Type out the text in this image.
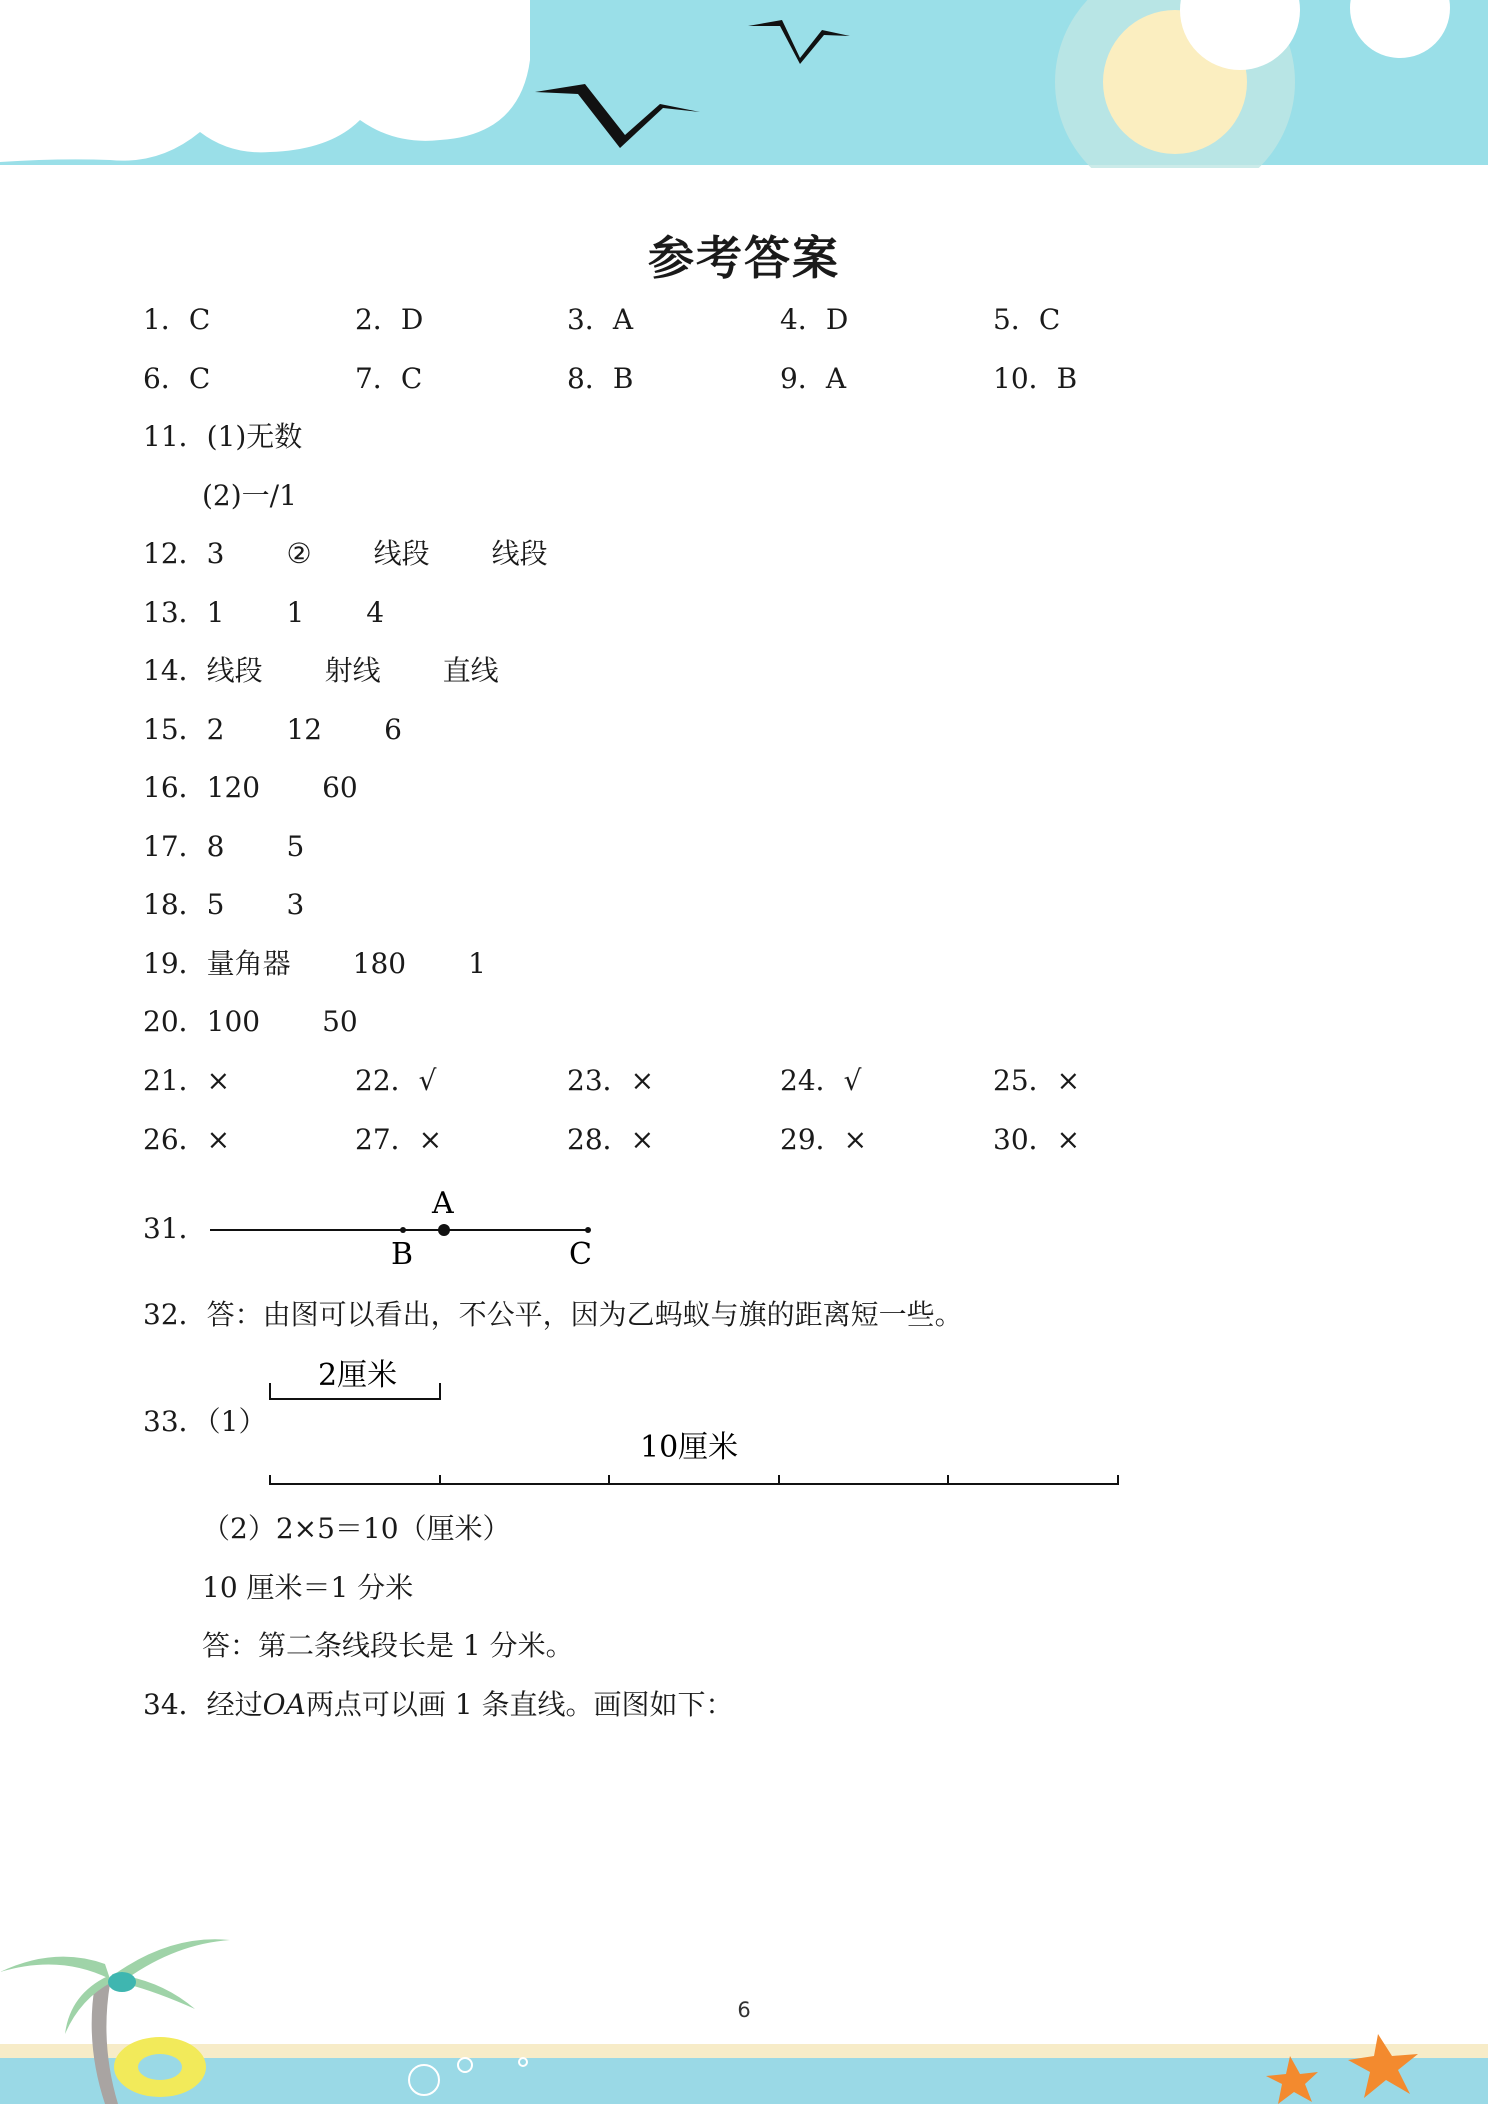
参考答案
1．C	2．D	3．A	4．D	5．C
6．C	7．C	8．B	9．A	10．B
11．(1)无数
(2)一/1
12．3 ② 线段 线段
13．1 1 4
14．线段 射线 直线
15．2 12 6
16．120 60
17．8 5
18．5 3
19．量角器 180 1
20．100 50
21．×	22．√	23．×	24．√	25．×
26．×	27．×	28．×	29．×	30．×
31．
A
B	C
32．答：由图可以看出，不公平，因为乙蚂蚁与旗的距离短一些。
33．（1）
2厘米
10厘米
（2）2×5＝10（厘米）
10 厘米＝1 分米
答：第二条线段长是 1 分米。
34．经过OA两点可以画 1 条直线。画图如下：
6
